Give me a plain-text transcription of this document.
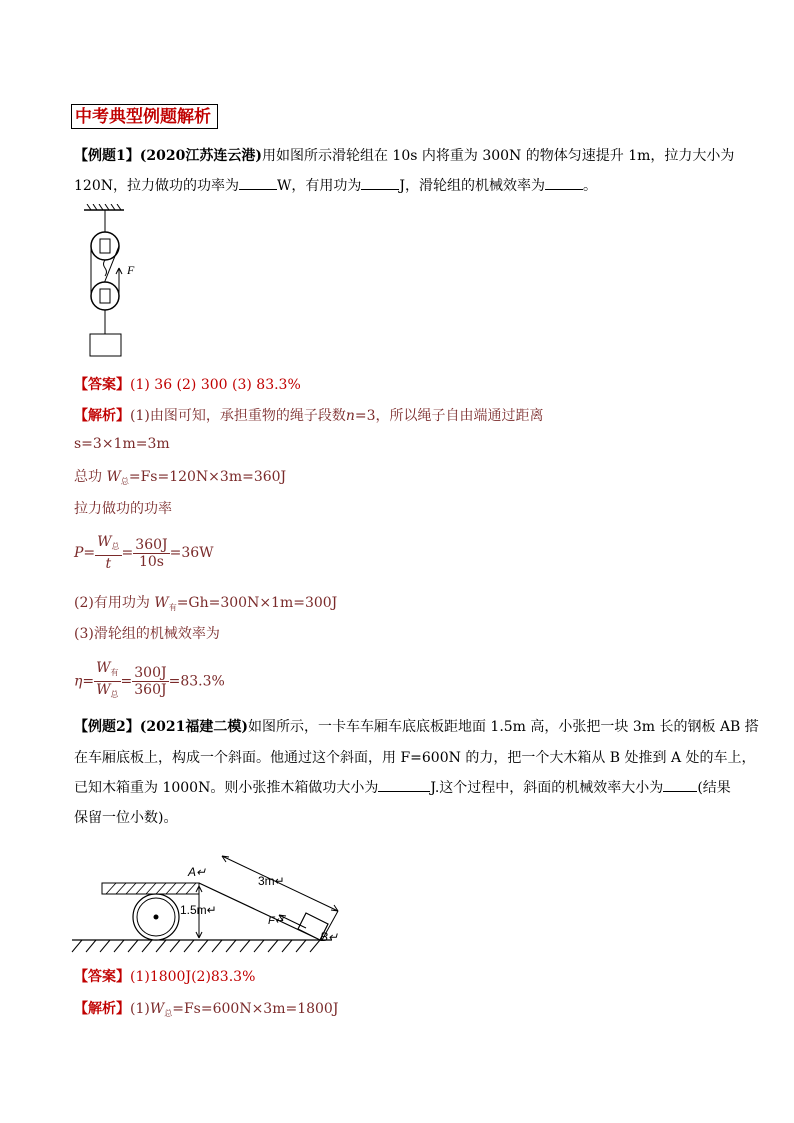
中考典型例题解析
【例题1】(2020江苏连云港)用如图所示滑轮组在 10s 内将重为 300N 的物体匀速提升 1m，拉力大小为
120N，拉力做功的功率为	W，有用功为	J，滑轮组的机械效率为	。
F
【答案】(1) 36 (2) 300 (3) 83.3%
【解析】(1)由图可知，承担重物的绳子段数n=3，所以绳子自由端通过距离
s=3×1m=3m
总功 $W_总=Fs=120N\times 3m=360J$
拉力做功的功率
$P= \frac{W_总}{t} = \frac{360J}{10s} =36W$
(2)有用功为 $W_有=Gh=300N\times 1m=300J$
(3)滑轮组的机械效率为
$\eta= \frac{W_有}{W_总} = \frac{300J}{360J} =83.3\%$
【例题2】(2021福建二模)如图所示，一卡车车厢车底底板距地面 1.5m 高，小张把一块 3m 长的钢板 AB 搭
在车厢底板上，构成一个斜面。他通过这个斜面，用 F=600N 的力，把一个大木箱从 B 处推到 A 处的车上，
已知木箱重为 1000N。则小张推木箱做功大小为	J.这个过程中，斜面的机械效率大小为 (结果
保留一位小数)。
A↵
B↵
3m↵
1.5m↵
F↵
【答案】(1)1800J(2)83.3%
【解析】$(1)W_总=Fs=600N\times 3m=1800J$
